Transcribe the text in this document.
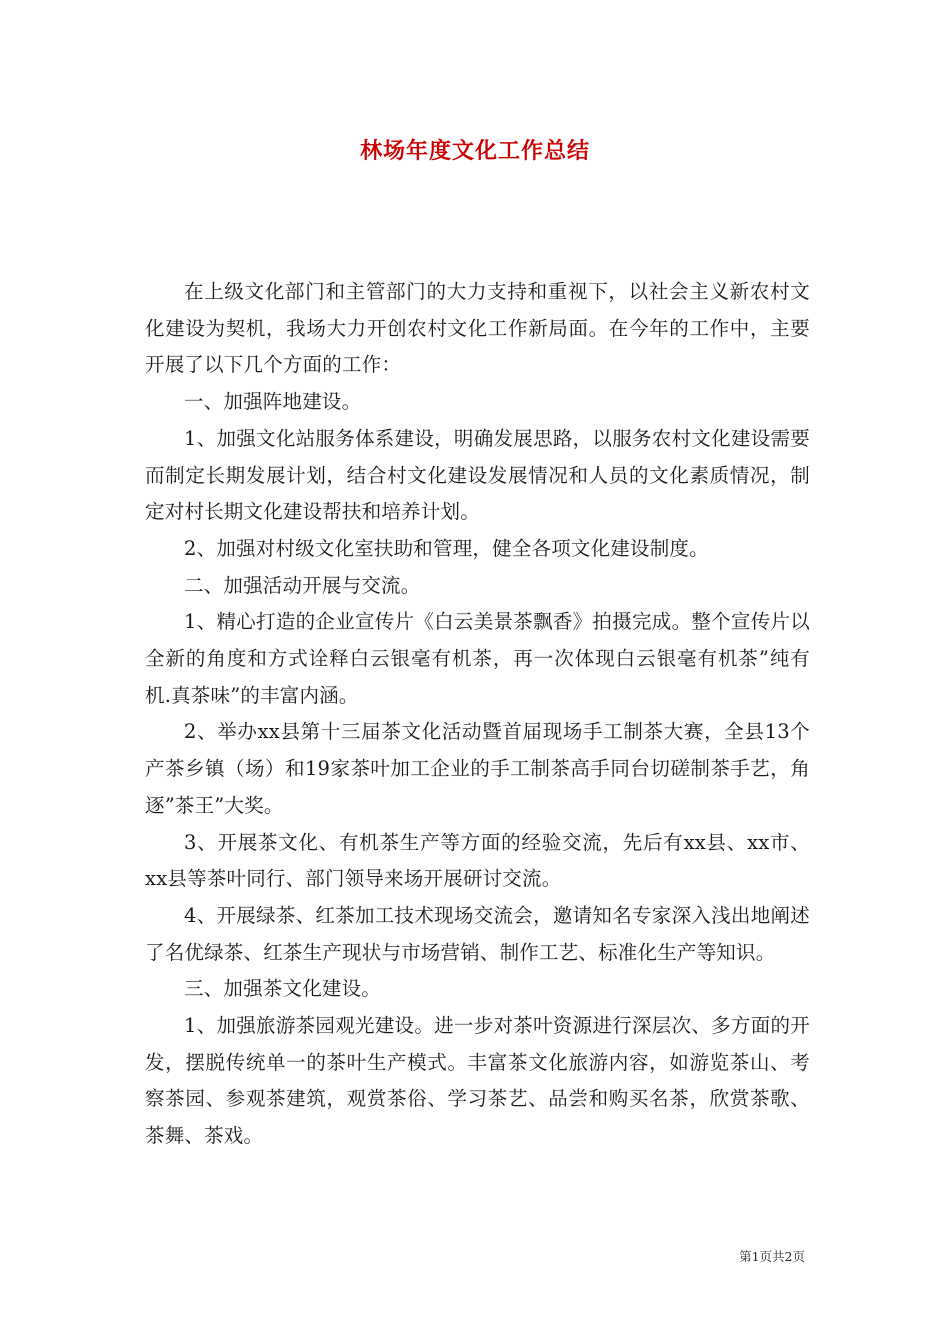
林场年度文化工作总结

在上级文化部门和主管部门的大力支持和重视下，以社会主义新农村文化建设为契机，我场大力开创农村文化工作新局面。在今年的工作中，主要开展了以下几个方面的工作：

一、加强阵地建设。

1、加强文化站服务体系建设，明确发展思路，以服务农村文化建设需要而制定长期发展计划，结合村文化建设发展情况和人员的文化素质情况，制定对村长期文化建设帮扶和培养计划。

2、加强对村级文化室扶助和管理，健全各项文化建设制度。

二、加强活动开展与交流。

1、精心打造的企业宣传片《白云美景茶飘香》拍摄完成。整个宣传片以全新的角度和方式诠释白云银毫有机茶，再一次体现白云银毫有机茶”纯有机.真茶味”的丰富内涵。

2、举办xx县第十三届茶文化活动暨首届现场手工制茶大赛，全县13个产茶乡镇（场）和19家茶叶加工企业的手工制茶高手同台切磋制茶手艺，角逐”茶王”大奖。

3、开展茶文化、有机茶生产等方面的经验交流，先后有xx县、xx市、xx县等茶叶同行、部门领导来场开展研讨交流。

4、开展绿茶、红茶加工技术现场交流会，邀请知名专家深入浅出地阐述了名优绿茶、红茶生产现状与市场营销、制作工艺、标准化生产等知识。

三、加强茶文化建设。

1、加强旅游茶园观光建设。进一步对茶叶资源进行深层次、多方面的开发，摆脱传统单一的茶叶生产模式。丰富茶文化旅游内容，如游览茶山、考察茶园、参观茶建筑，观赏茶俗、学习茶艺、品尝和购买名茶，欣赏茶歌、茶舞、茶戏。

第1页共2页
